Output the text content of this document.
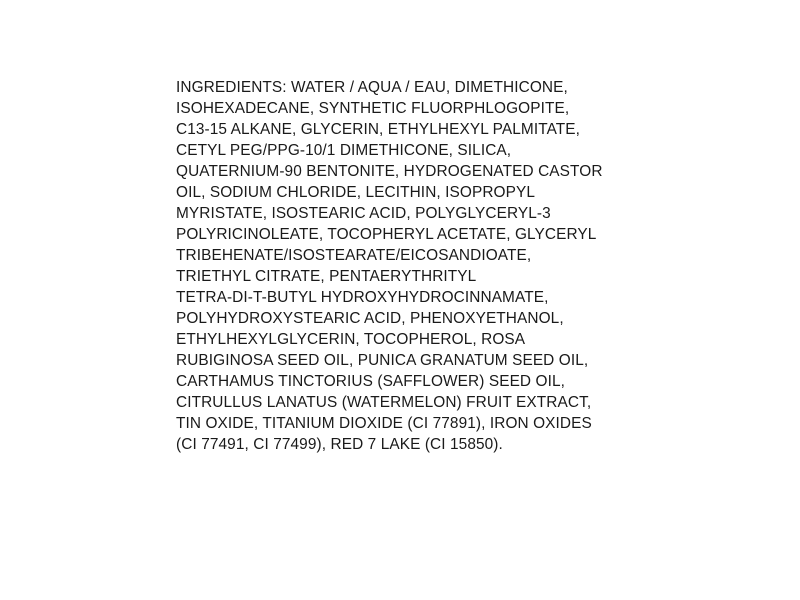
INGREDIENTS: WATER / AQUA / EAU, DIMETHICONE,
ISOHEXADECANE, SYNTHETIC FLUORPHLOGOPITE,
C13-15 ALKANE, GLYCERIN, ETHYLHEXYL PALMITATE,
CETYL PEG/PPG-10/1 DIMETHICONE, SILICA,
QUATERNIUM-90 BENTONITE, HYDROGENATED CASTOR
OIL, SODIUM CHLORIDE, LECITHIN, ISOPROPYL
MYRISTATE, ISOSTEARIC ACID, POLYGLYCERYL-3
POLYRICINOLEATE, TOCOPHERYL ACETATE, GLYCERYL
TRIBEHENATE/ISOSTEARATE/EICOSANDIOATE,
TRIETHYL CITRATE, PENTAERYTHRITYL
TETRA-DI-T-BUTYL HYDROXYHYDROCINNAMATE,
POLYHYDROXYSTEARIC ACID, PHENOXYETHANOL,
ETHYLHEXYLGLYCERIN, TOCOPHEROL, ROSA
RUBIGINOSA SEED OIL, PUNICA GRANATUM SEED OIL,
CARTHAMUS TINCTORIUS (SAFFLOWER) SEED OIL,
CITRULLUS LANATUS (WATERMELON) FRUIT EXTRACT,
TIN OXIDE, TITANIUM DIOXIDE (CI 77891), IRON OXIDES
(CI 77491, CI 77499), RED 7 LAKE (CI 15850).
